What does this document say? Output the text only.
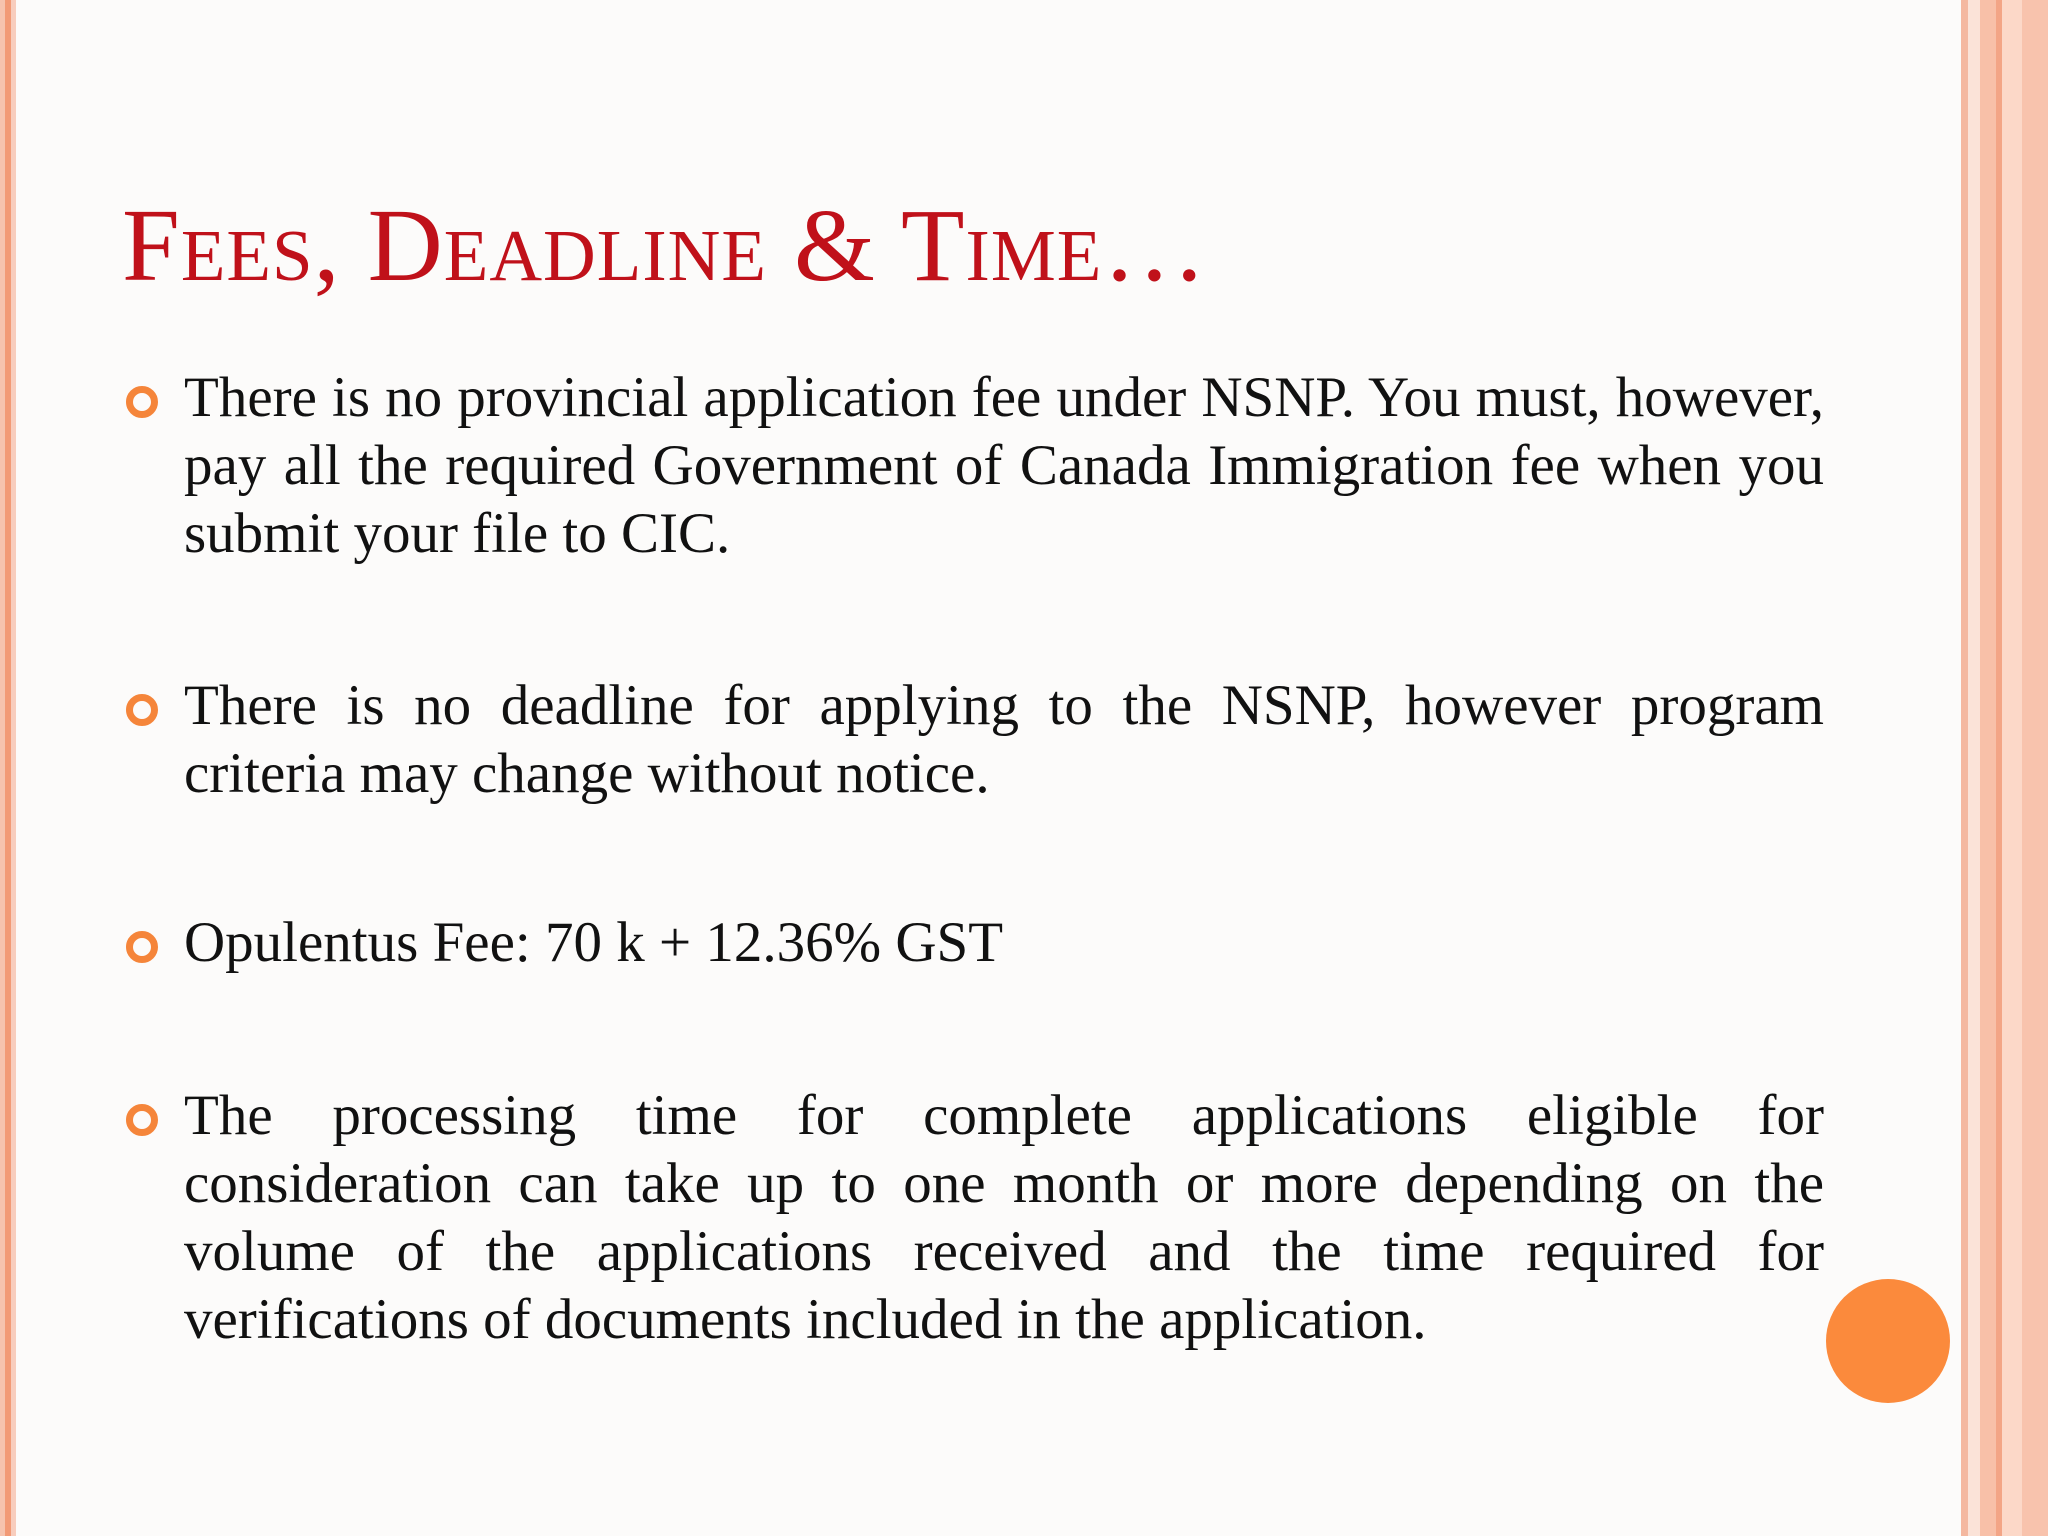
Fees, Deadline & Time…
There is no provincial application fee under NSNP. You must, however, pay all the required Government of Canada Immigration fee when you submit your file to CIC.
There is no deadline for applying to the NSNP, however program criteria may change without notice.
Opulentus Fee: 70 k + 12.36% GST
The processing time for complete applications eligible for consideration can take up to one month or more depending on the volume of the applications received and the time required for verifications of documents included in the application.
